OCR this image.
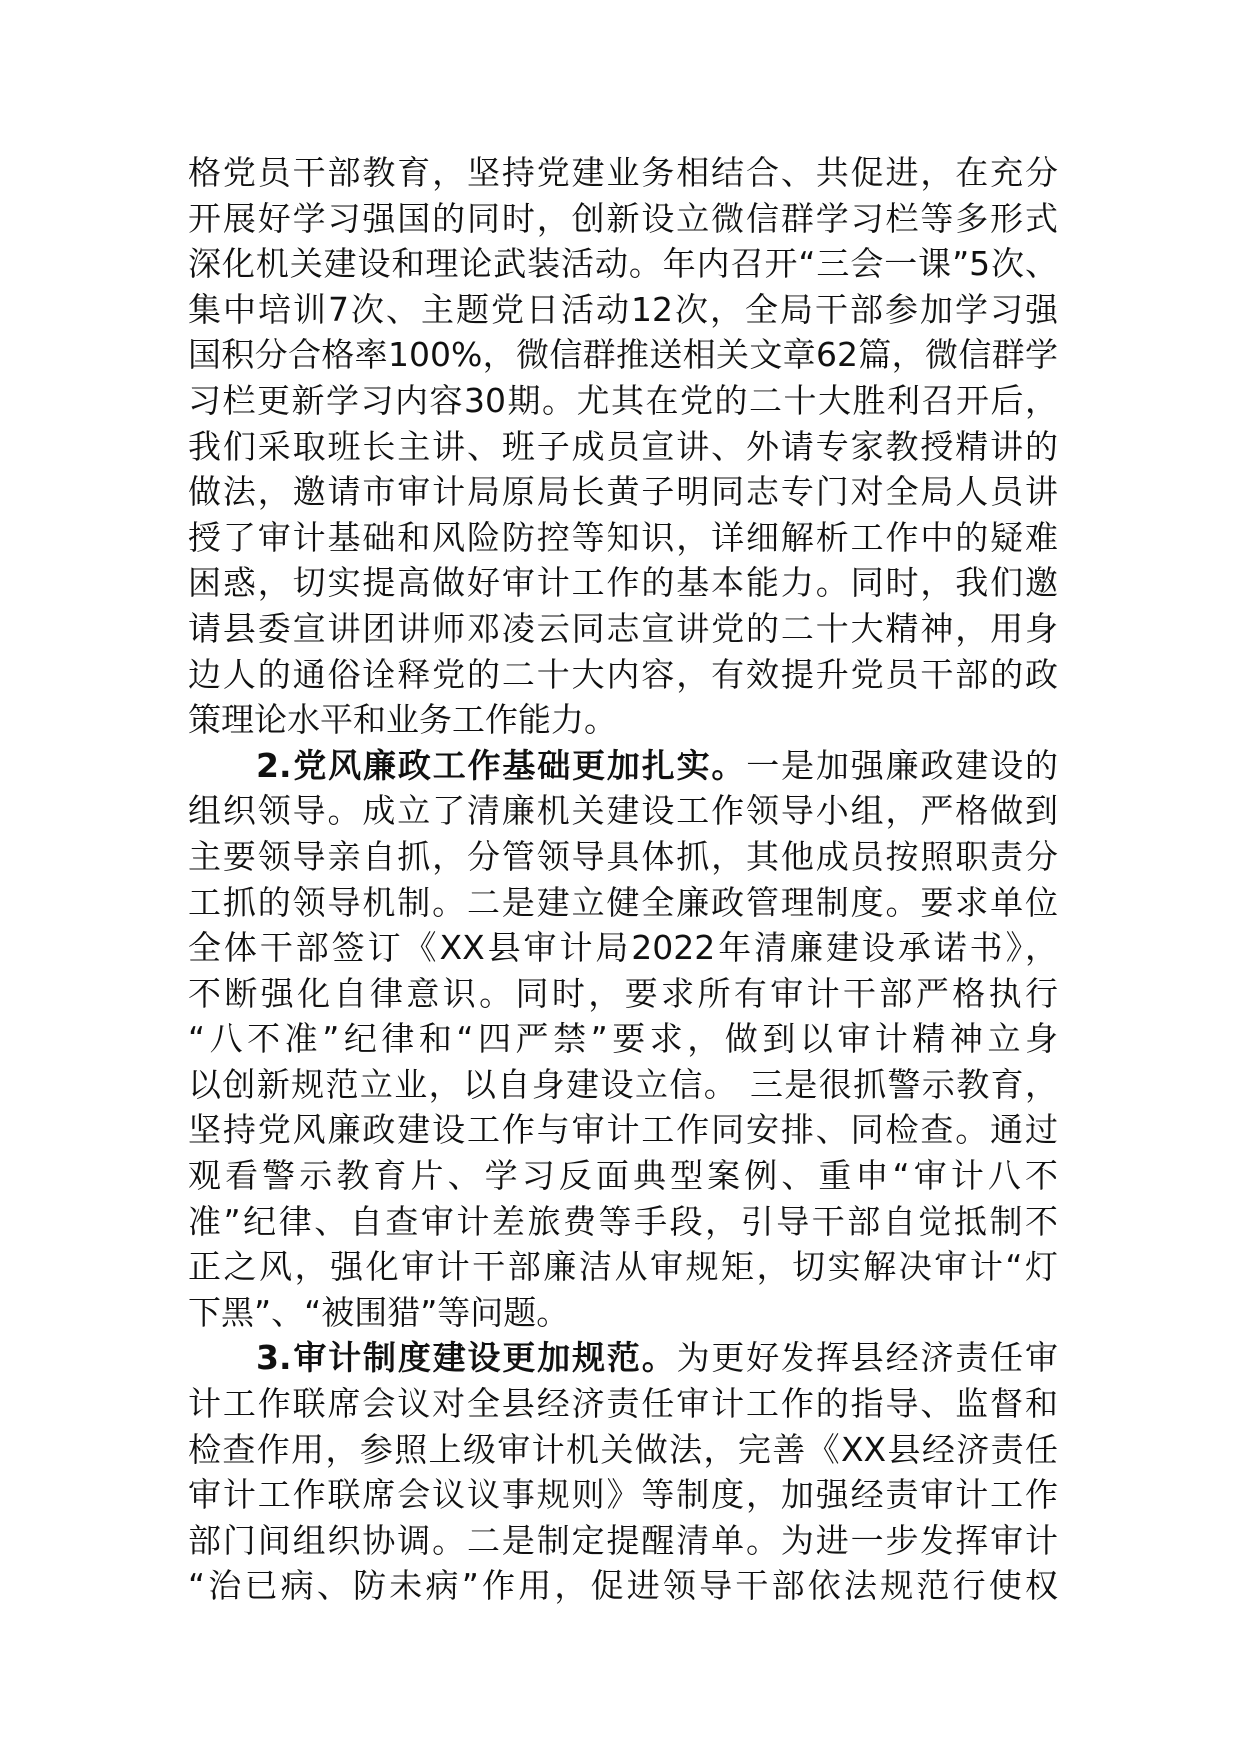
格党员干部教育，坚持党建业务相结合、共促进，在充分
开展好学习强国的同时，创新设立微信群学习栏等多形式
深化机关建设和理论武装活动。年内召开“三会一课”5次、
集中培训7次、主题党日活动12次，全局干部参加学习强
国积分合格率100%，微信群推送相关文章62篇，微信群学
习栏更新学习内容30期。尤其在党的二十大胜利召开后，
我们采取班长主讲、班子成员宣讲、外请专家教授精讲的
做法，邀请市审计局原局长黄子明同志专门对全局人员讲
授了审计基础和风险防控等知识，详细解析工作中的疑难
困惑，切实提高做好审计工作的基本能力。同时，我们邀
请县委宣讲团讲师邓凌云同志宣讲党的二十大精神，用身
边人的通俗诠释党的二十大内容，有效提升党员干部的政
策理论水平和业务工作能力。
2.党风廉政工作基础更加扎实。一是加强廉政建设的
组织领导。成立了清廉机关建设工作领导小组，严格做到
主要领导亲自抓，分管领导具体抓，其他成员按照职责分
工抓的领导机制。二是建立健全廉政管理制度。要求单位
全体干部签订《XX县审计局2022年清廉建设承诺书》，
不断强化自律意识。同时，要求所有审计干部严格执行
“八不准”纪律和“四严禁”要求，做到以审计精神立身
以创新规范立业，以自身建设立信。 三是很抓警示教育，
坚持党风廉政建设工作与审计工作同安排、同检查。通过
观看警示教育片、学习反面典型案例、重申“审计八不
准”纪律、自查审计差旅费等手段，引导干部自觉抵制不
正之风，强化审计干部廉洁从审规矩，切实解决审计“灯
下黑”、“被围猎”等问题。
3.审计制度建设更加规范。为更好发挥县经济责任审
计工作联席会议对全县经济责任审计工作的指导、监督和
检查作用，参照上级审计机关做法，完善《XX县经济责任
审计工作联席会议议事规则》等制度，加强经责审计工作
部门间组织协调。二是制定提醒清单。为进一步发挥审计
“治已病、防未病”作用，促进领导干部依法规范行使权
